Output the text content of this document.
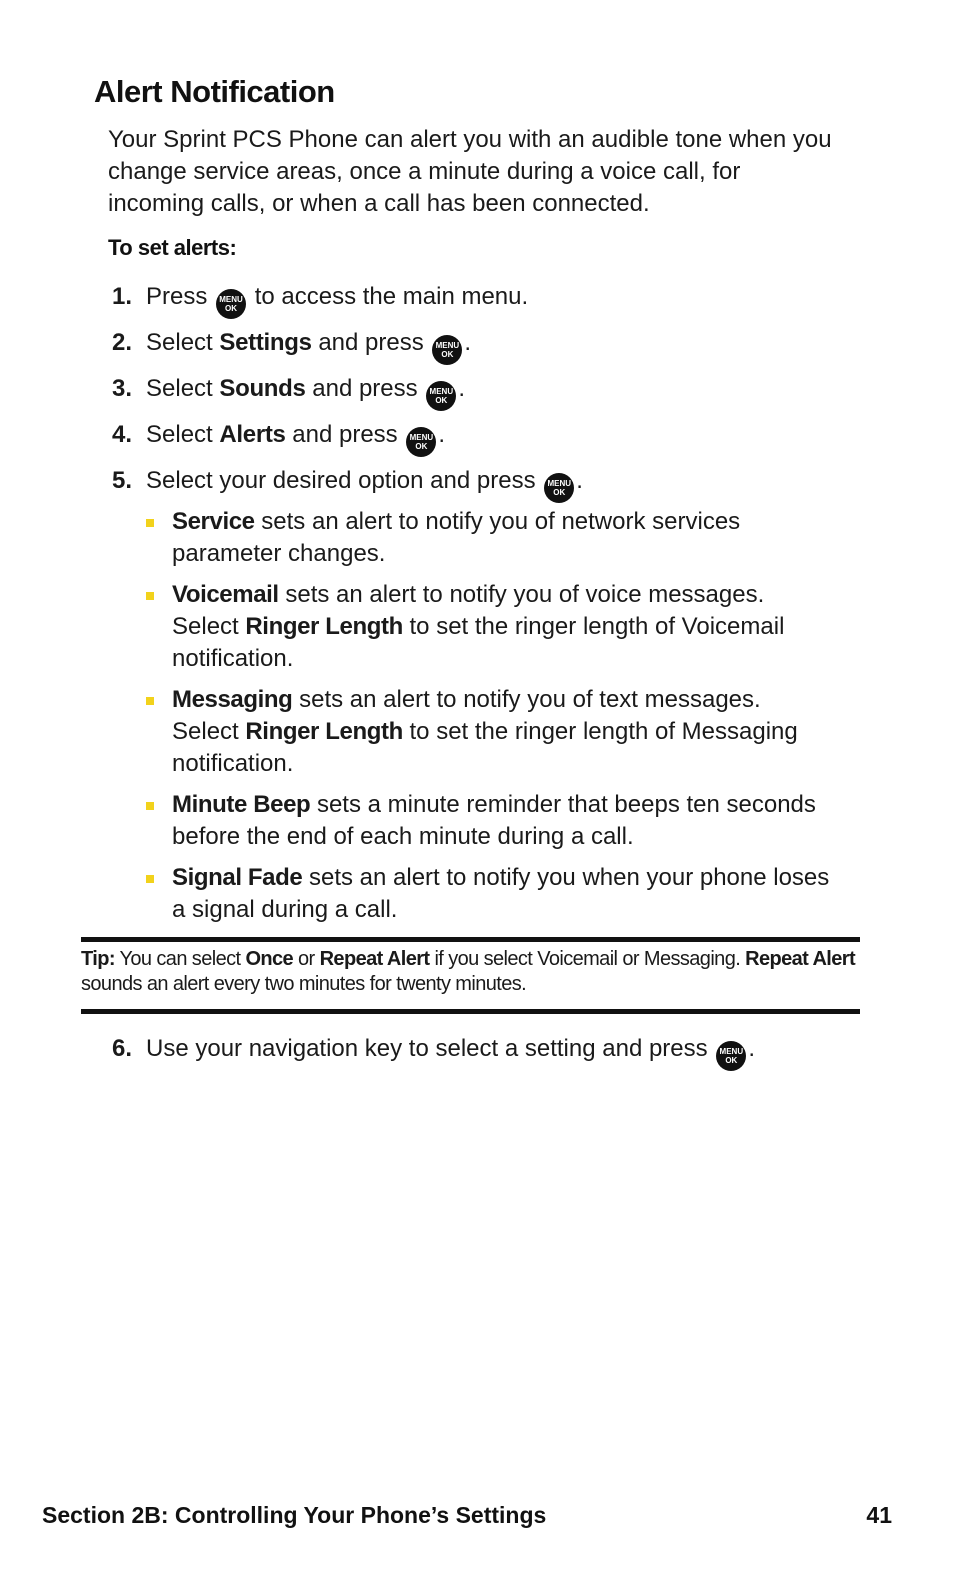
Alert Notification

Your Sprint PCS Phone can alert you with an audible tone when you change service areas, once a minute during a voice call, for incoming calls, or when a call has been connected.

To set alerts:

1. Press	MENU
OK to access the main menu.
2. Select Settings and press	MENU
OK .
3. Select Sounds and press	MENU
OK .
4. Select Alerts and press	MENU
OK .
5. Select your desired option and press	MENU
OK .
Service sets an alert to notify you of network services parameter changes.
Voicemail sets an alert to notify you of voice messages.
Select Ringer Length to set the ringer length of Voicemail notification.
Messaging sets an alert to notify you of text messages.
Select Ringer Length to set the ringer length of Messaging notification.
Minute Beep sets a minute reminder that beeps ten seconds before the end of each minute during a call.
Signal Fade sets an alert to notify you when your phone loses a signal during a call.
Tip: You can select Once or Repeat Alert if you select Voicemail or Messaging. Repeat Alert sounds an alert every two minutes for twenty minutes.
6. Use your navigation key to select a setting and press	MENU
OK .
Section 2B: Controlling Your Phone’s Settings	41
